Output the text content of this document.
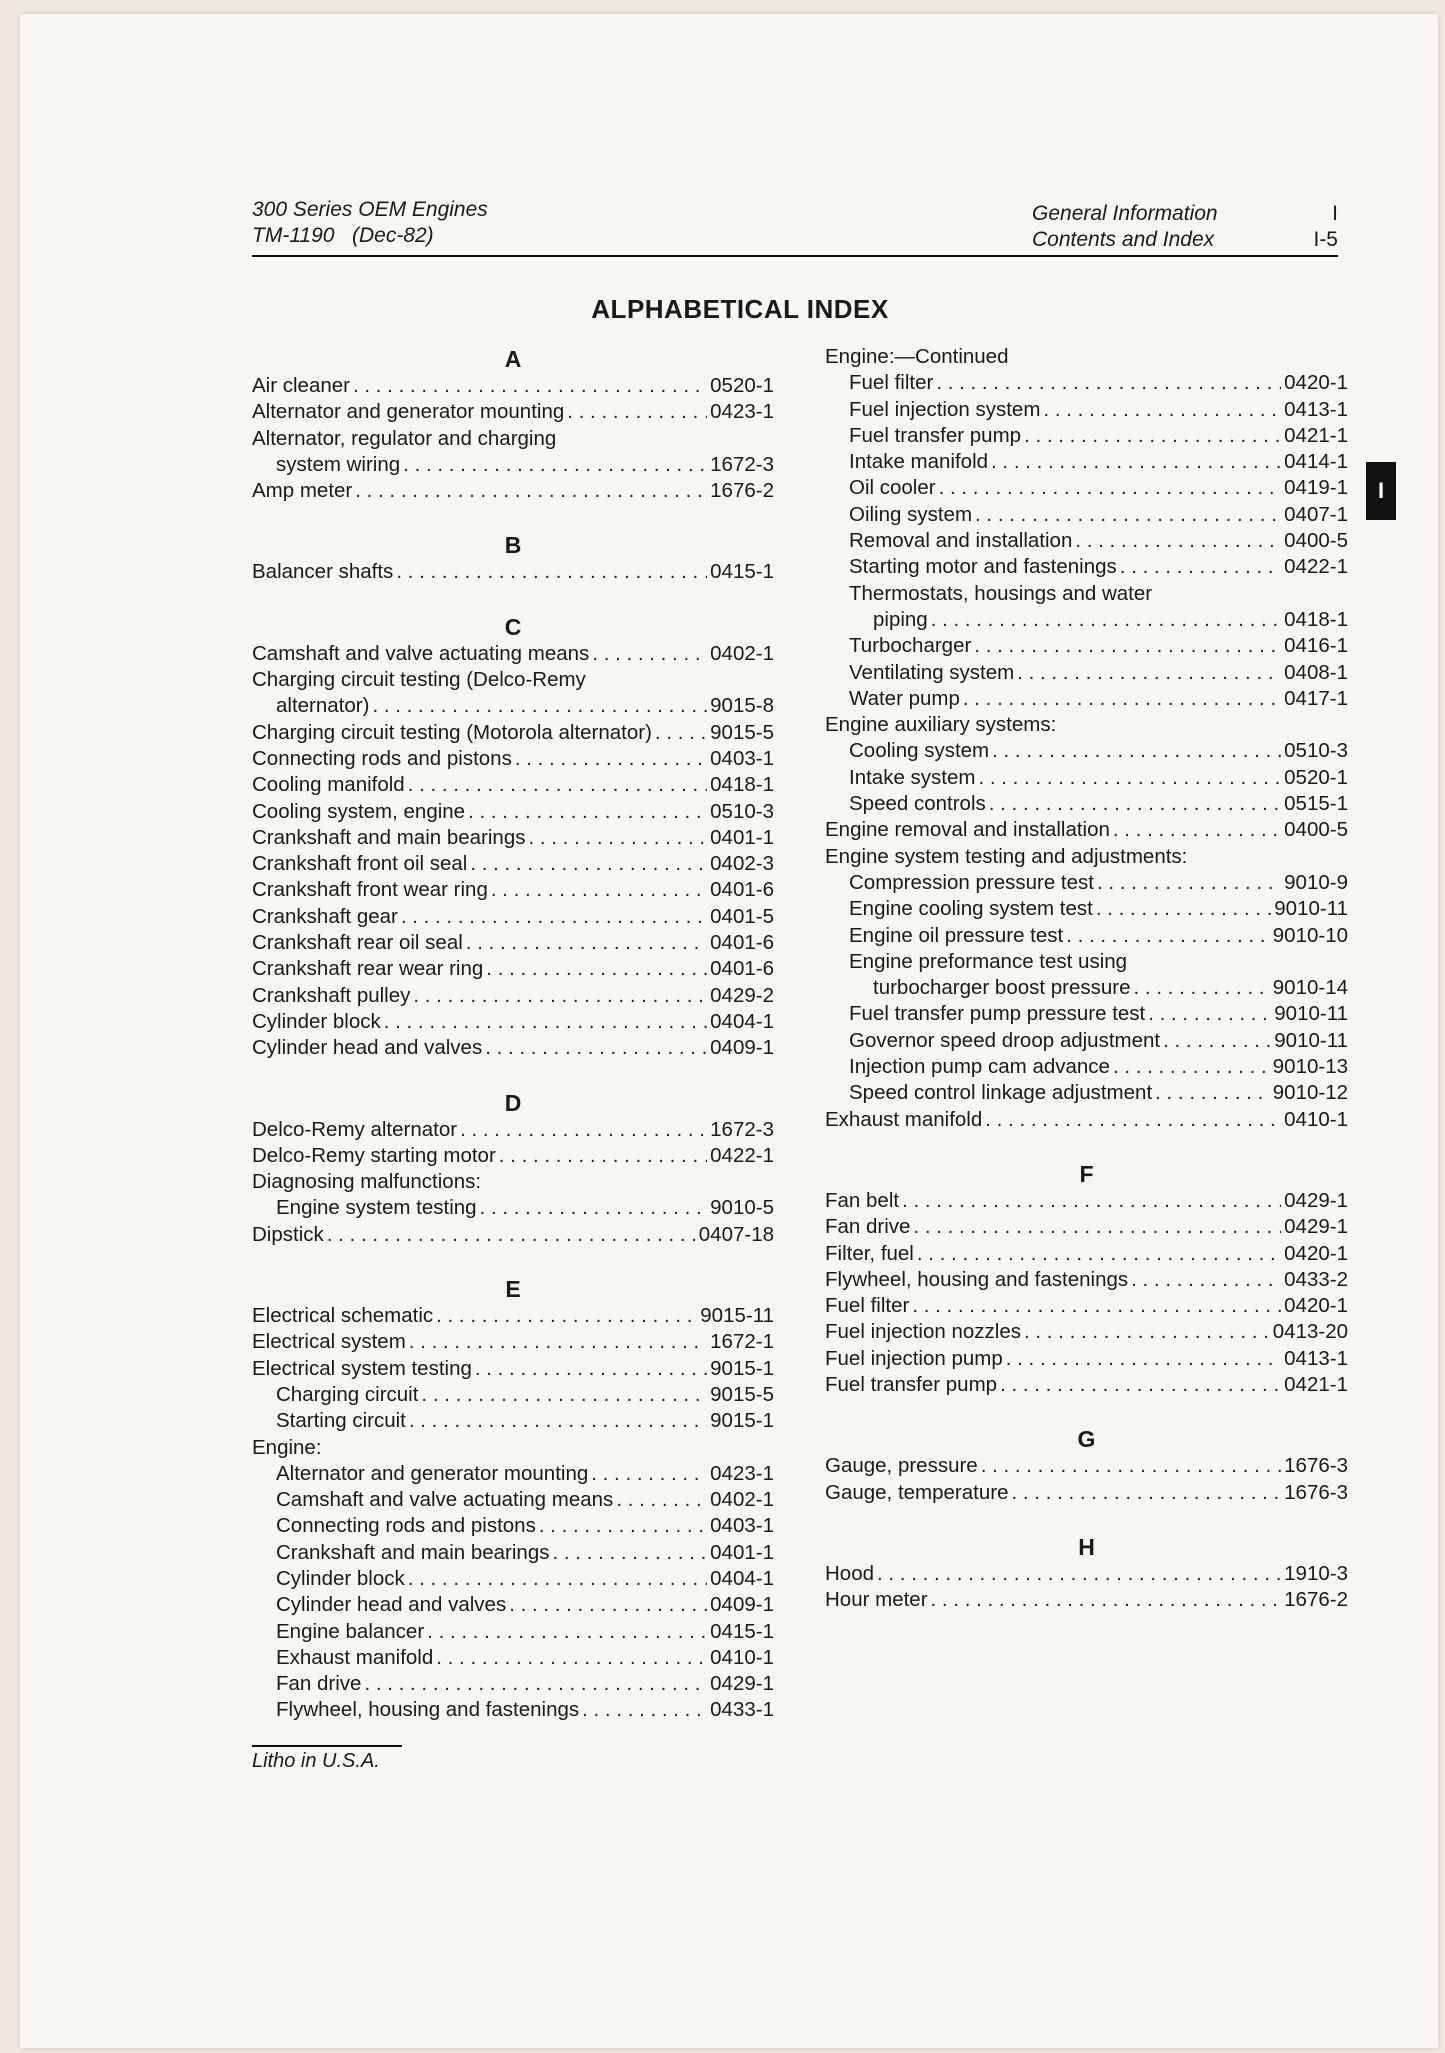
300 Series OEM Engines
TM-1190   (Dec-82)
General Information
Contents and Index
I
I-5
ALPHABETICAL INDEX
A
Air cleaner . . .	0520-1
Alternator and generator mounting . . .	0423-1
Alternator, regulator and charging
system wiring . . .	1672-3
Amp meter . . .	1676-2
B
Balancer shafts . . .	0415-1
C
Camshaft and valve actuating means . . .	0402-1
Charging circuit testing (Delco-Remy
alternator) . . .	9015-8
Charging circuit testing (Motorola alternator) . . .	9015-5
Connecting rods and pistons . . .	0403-1
Cooling manifold . . .	0418-1
Cooling system, engine . . .	0510-3
Crankshaft and main bearings . . .	0401-1
Crankshaft front oil seal . . .	0402-3
Crankshaft front wear ring . . .	0401-6
Crankshaft gear . . .	0401-5
Crankshaft rear oil seal . . .	0401-6
Crankshaft rear wear ring . . .	0401-6
Crankshaft pulley . . .	0429-2
Cylinder block . . .	0404-1
Cylinder head and valves . . .	0409-1
D
Delco-Remy alternator . . .	1672-3
Delco-Remy starting motor . . .	0422-1
Diagnosing malfunctions:
Engine system testing . . .	9010-5
Dipstick . . .	0407-18
E
Electrical schematic . . .	9015-11
Electrical system . . .	1672-1
Electrical system testing . . .	9015-1
Charging circuit . . .	9015-5
Starting circuit . . .	9015-1
Engine:
Alternator and generator mounting . . .	0423-1
Camshaft and valve actuating means . . .	0402-1
Connecting rods and pistons . . .	0403-1
Crankshaft and main bearings . . .	0401-1
Cylinder block . . .	0404-1
Cylinder head and valves . . .	0409-1
Engine balancer . . .	0415-1
Exhaust manifold . . .	0410-1
Fan drive . . .	0429-1
Flywheel, housing and fastenings . . .	0433-1
Engine:—Continued
Fuel filter . . .	0420-1
Fuel injection system . . .	0413-1
Fuel transfer pump . . .	0421-1
Intake manifold . . .	0414-1
Oil cooler . . .	0419-1
Oiling system . . .	0407-1
Removal and installation . . .	0400-5
Starting motor and fastenings . . .	0422-1
Thermostats, housings and water
piping . . .	0418-1
Turbocharger . . .	0416-1
Ventilating system . . .	0408-1
Water pump . . .	0417-1
Engine auxiliary systems:
Cooling system . . .	0510-3
Intake system . . .	0520-1
Speed controls . . .	0515-1
Engine removal and installation . . .	0400-5
Engine system testing and adjustments:
Compression pressure test . . .	9010-9
Engine cooling system test . . .	9010-11
Engine oil pressure test . . .	9010-10
Engine preformance test using
turbocharger boost pressure . . .	9010-14
Fuel transfer pump pressure test . . .	9010-11
Governor speed droop adjustment . . .	9010-11
Injection pump cam advance . . .	9010-13
Speed control linkage adjustment . . .	9010-12
Exhaust manifold . . .	0410-1
F
Fan belt . . .	0429-1
Fan drive . . .	0429-1
Filter, fuel . . .	0420-1
Flywheel, housing and fastenings . . .	0433-2
Fuel filter . . .	0420-1
Fuel injection nozzles . . .	0413-20
Fuel injection pump . . .	0413-1
Fuel transfer pump . . .	0421-1
G
Gauge, pressure . . .	1676-3
Gauge, temperature . . .	1676-3
H
Hood . . .	1910-3
Hour meter . . .	1676-2
I
Litho in U.S.A.
